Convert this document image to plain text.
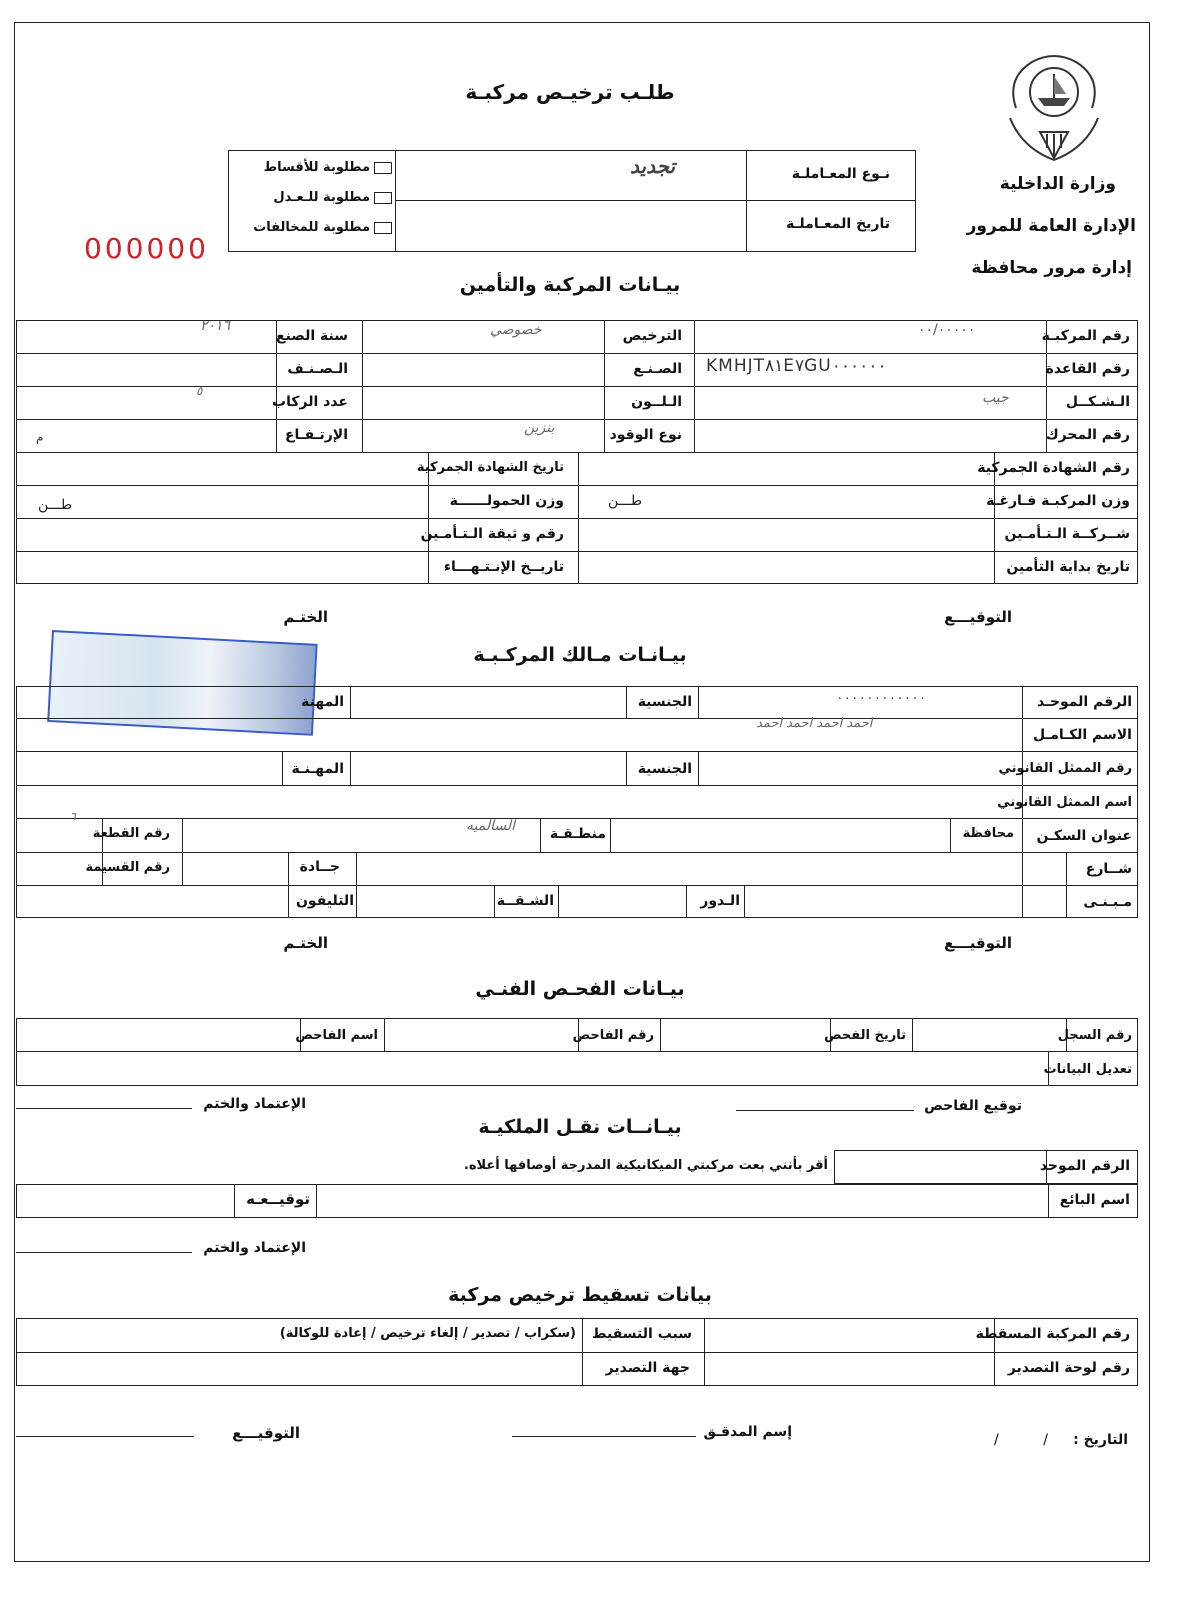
طلـب ترخيـص مركبـة
وزارة الداخلية
الإدارة العامة للمرور
إدارة مرور محافظة
000000
نـوع المعـاملـة
تجديد
تاريخ المعـاملـة
مطلوبة للأقساط
مطلوبة للـعـدل
مطلوبة للمخالفات
بيـانات المركبة والتأمين
رقم المركبـة
٠٠/٠٠٠٠٠
الترخيص
خصوصي
سنة الصنع
٢٠١٦
رقم القاعدة
KMHJT٨١E٧GU٠٠٠٠٠٠
الصـنـع
الـصـنـف
الـشـكــل
جيب
الـلــون
عدد الركاب
٥
رقم المحرك
نوع الوقود
بنزين
الإرتـفـاع
م
رقم الشهادة الجمركية
تاريخ الشهادة الجمركية
وزن المركبـة فـارغـة
طـــن
وزن الحمولــــــة
طـــن
شــركــة الـتـأمـين
رقم و ثيقة الـتـأمـين
تاريخ بداية التأمين
تاريــخ الإنـتـهـــاء
التوقيـــع
الختـم
بيـانـات مـالك المركـبـة
الرقم الموحـد
٠٠٠٠٠٠٠٠٠٠٠٠
الجنسية
المهنة
الاسم الكـامـل
احمد احمد احمد احمد
رقم الممثل القانوني
الجنسية
المهـنـة
اسم الممثل القانوني
عنوان السكـن
محافظة
منطـقـة
السالميه
رقم القطعة
٦
شــارع
جــادة
رقم القسيمة
مـبـنـى
الـدور
الشـقــة
التليفون
التوقيـــع
الختـم
بيـانات الفحـص الفنـي
رقم السجل
تاريخ الفحص
رقم الفاحص
اسم الفاحص
تعديل البيانات
توقيع الفاحص
الإعتماد والختم
بيـانــات نقـل الملكيـة
الرقم الموحد
أقر بأنني بعت مركبتي الميكانيكية المدرجة أوصافها أعلاه.
اسم البائع
توقيــعـه
الإعتماد والختم
بيانات تسقيط ترخيص مركبة
رقم المركبة المسقطة
سبب التسقيط
(سكراب / تصدير / إلغاء ترخيص / إعادة للوكالة)
رقم لوحة التصدير
جهة التصدير
التاريخ :
/          /
إسم المدقـق
التوقيـــع
